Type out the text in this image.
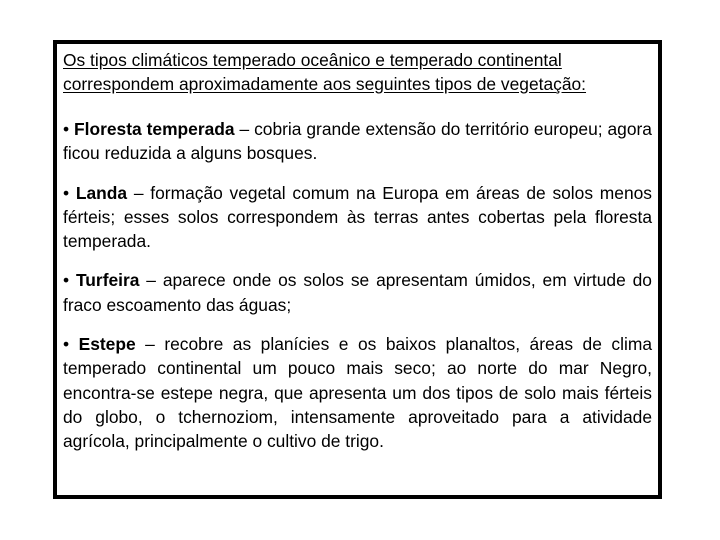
Os tipos climáticos temperado oceânico e temperado continental correspondem aproximadamente aos seguintes tipos de vegetação:

• Floresta temperada – cobria grande extensão do território europeu; agora ficou reduzida a alguns bosques.

• Landa – formação vegetal comum na Europa em áreas de solos menos férteis; esses solos correspondem às terras antes cobertas pela floresta temperada.

• Turfeira – aparece onde os solos se apresentam úmidos, em virtude do fraco escoamento das águas;

• Estepe – recobre as planícies e os baixos planaltos, áreas de clima temperado continental um pouco mais seco; ao norte do mar Negro, encontra-se estepe negra, que apresenta um dos tipos de solo mais férteis do globo, o tchernoziom, intensamente aproveitado para a atividade agrícola, principalmente o cultivo de trigo.
